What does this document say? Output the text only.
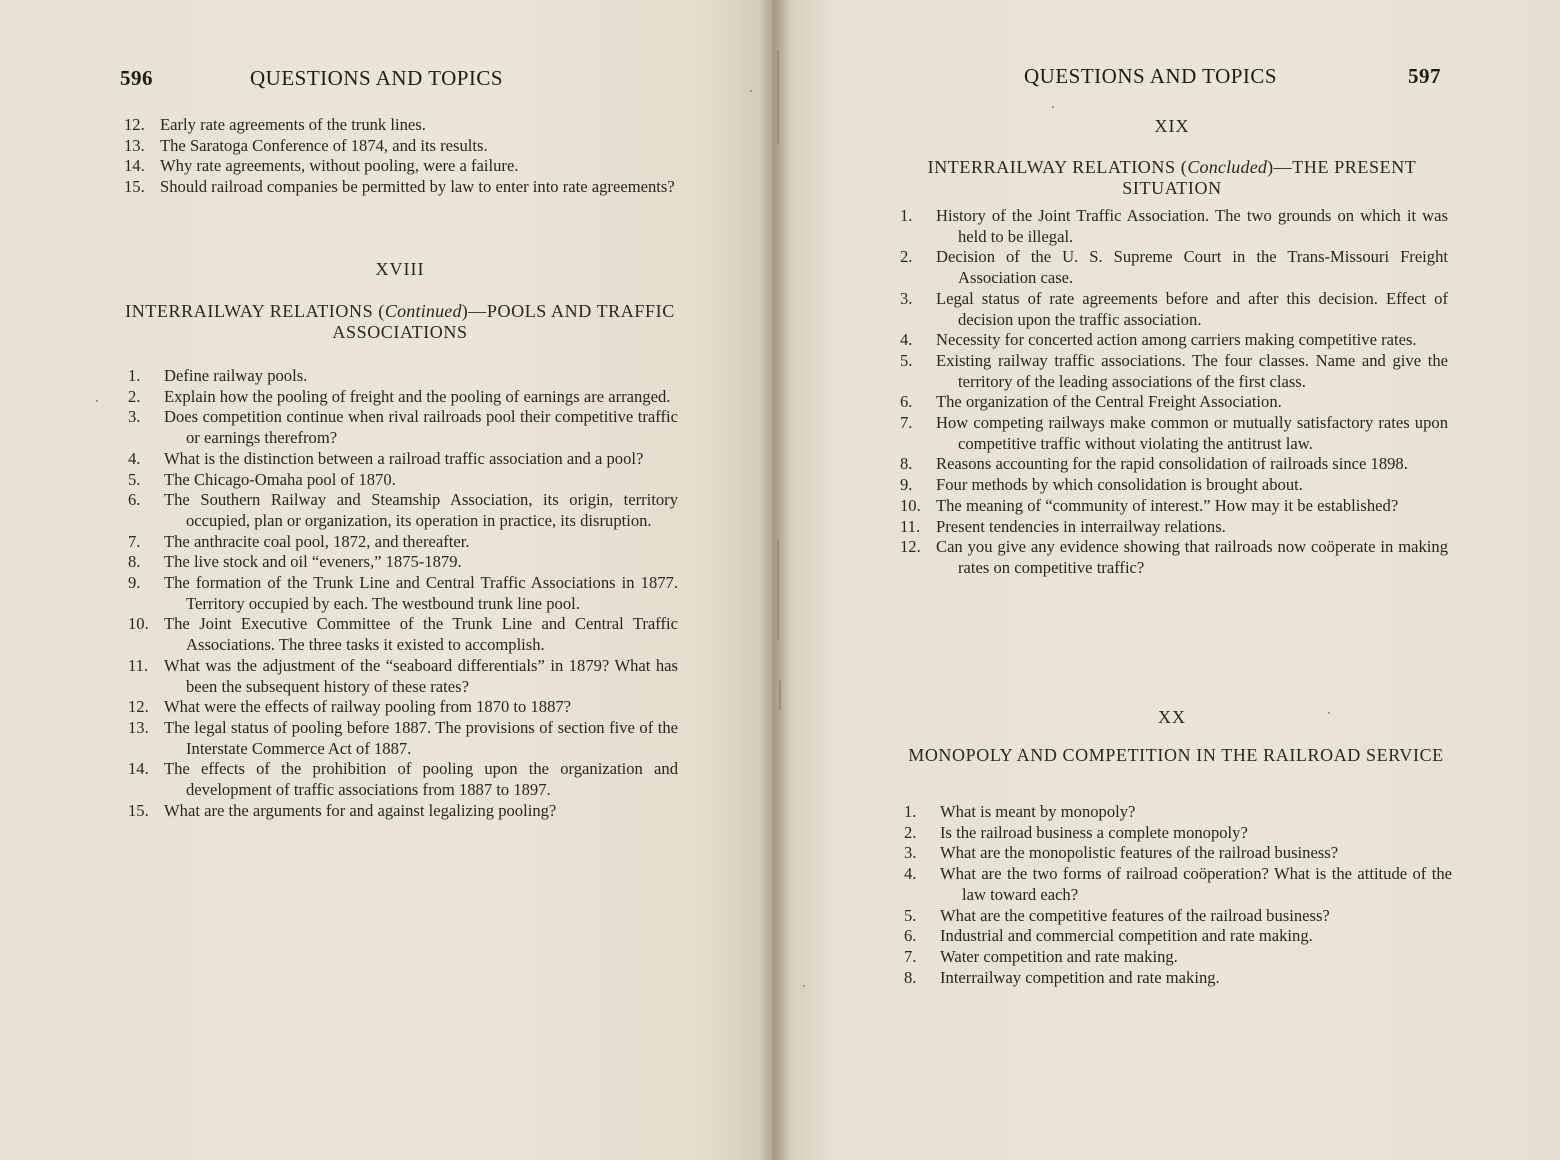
596	QUESTIONS AND TOPICS
12. Early rate agreements of the trunk lines.
13. The Saratoga Conference of 1874, and its results.
14. Why rate agreements, without pooling, were a failure.
15. Should railroad companies be permitted by law to enter into rate agreements?
XVIII
INTERRAILWAY RELATIONS (Continued)—POOLS AND TRAFFIC ASSOCIATIONS
1.	Define railway pools.
2.	Explain how the pooling of freight and the pooling of earnings are arranged.
3.	Does competition continue when rival railroads pool their competitive traffic or earnings therefrom?
4.	What is the distinction between a railroad traffic association and a pool?
5.	The Chicago-Omaha pool of 1870.
6.	The Southern Railway and Steamship Association, its origin, territory occupied, plan or organization, its operation in practice, its disruption.
7.	The anthracite coal pool, 1872, and thereafter.
8.	The live stock and oil “eveners,” 1875-1879.
9.	The formation of the Trunk Line and Central Traffic Associations in 1877. Territory occupied by each. The westbound trunk line pool.
10. The Joint Executive Committee of the Trunk Line and Central Traffic Associations. The three tasks it existed to accomplish.
11. What was the adjustment of the “seaboard differentials” in 1879? What has been the subsequent history of these rates?
12. What were the effects of railway pooling from 1870 to 1887?
13. The legal status of pooling before 1887. The provisions of section five of the Interstate Commerce Act of 1887.
14. The effects of the prohibition of pooling upon the organization and development of traffic associations from 1887 to 1897.
15. What are the arguments for and against legalizing pooling?
QUESTIONS AND TOPICS	597
XIX
INTERRAILWAY RELATIONS (Concluded)—THE PRESENT SITUATION
1.	History of the Joint Traffic Association. The two grounds on which it was held to be illegal.
2.	Decision of the U. S. Supreme Court in the Trans-Missouri Freight Association case.
3.	Legal status of rate agreements before and after this decision. Effect of decision upon the traffic association.
4.	Necessity for concerted action among carriers making competitive rates.
5.	Existing railway traffic associations. The four classes. Name and give the territory of the leading associations of the first class.
6.	The organization of the Central Freight Association.
7.	How competing railways make common or mutually satisfactory rates upon competitive traffic without violating the antitrust law.
8.	Reasons accounting for the rapid consolidation of railroads since 1898.
9.	Four methods by which consolidation is brought about.
10. The meaning of “community of interest.” How may it be established?
11. Present tendencies in interrailway relations.
12. Can you give any evidence showing that railroads now coöperate in making rates on competitive traffic?
XX
MONOPOLY AND COMPETITION IN THE RAILROAD SERVICE
1.	What is meant by monopoly?
2.	Is the railroad business a complete monopoly?
3.	What are the monopolistic features of the railroad business?
4.	What are the two forms of railroad coöperation? What is the attitude of the law toward each?
5.	What are the competitive features of the railroad business?
6.	Industrial and commercial competition and rate making.
7.	Water competition and rate making.
8.	Interrailway competition and rate making.
